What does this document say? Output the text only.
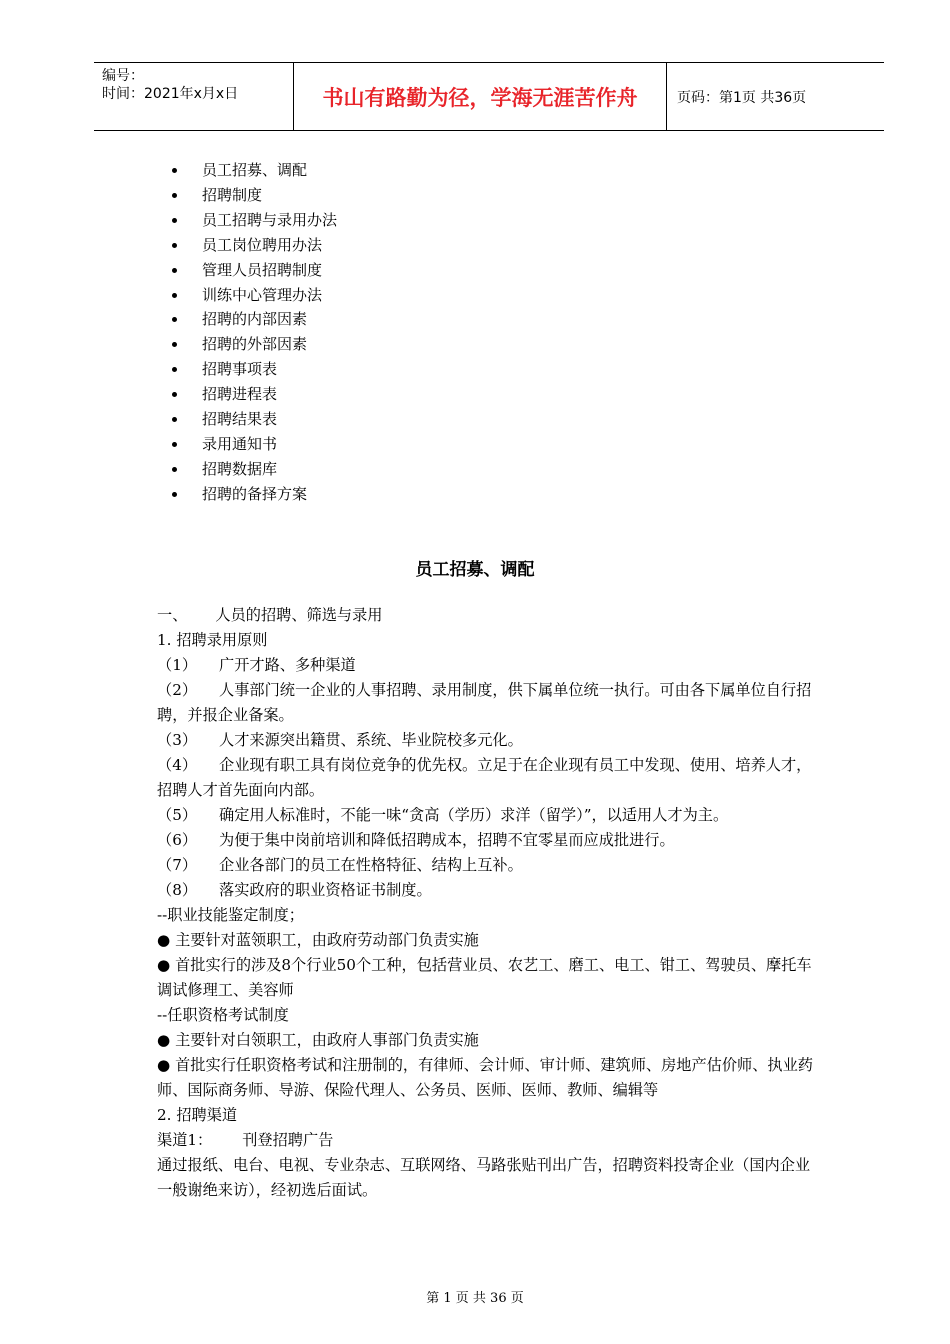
编号：
时间：2021年x月x日	书山有路勤为径，学海无涯苦作舟	页码：第1页 共36页
员工招募、调配
招聘制度
员工招聘与录用办法
员工岗位聘用办法
管理人员招聘制度
训练中心管理办法
招聘的内部因素
招聘的外部因素
招聘事项表
招聘进程表
招聘结果表
录用通知书
招聘数据库
招聘的备择方案
员工招募、调配

一、 人员的招聘、筛选与录用

1. 招聘录用原则

（1） 广开才路、多种渠道

（2） 人事部门统一企业的人事招聘、录用制度，供下属单位统一执行。可由各下属单位自行招聘，并报企业备案。

（3） 人才来源突出籍贯、系统、毕业院校多元化。

（4） 企业现有职工具有岗位竞争的优先权。立足于在企业现有员工中发现、使用、培养人才，招聘人才首先面向内部。

（5） 确定用人标准时，不能一味“贪高（学历）求洋（留学）”，以适用人才为主。

（6） 为便于集中岗前培训和降低招聘成本，招聘不宜零星而应成批进行。

（7） 企业各部门的员工在性格特征、结构上互补。

（8） 落实政府的职业资格证书制度。

--职业技能鉴定制度；

● 主要针对蓝领职工，由政府劳动部门负责实施

● 首批实行的涉及8个行业50个工种，包括营业员、农艺工、磨工、电工、钳工、驾驶员、摩托车调试修理工、美容师

--任职资格考试制度

● 主要针对白领职工，由政府人事部门负责实施

● 首批实行任职资格考试和注册制的，有律师、会计师、审计师、建筑师、房地产估价师、执业药师、国际商务师、导游、保险代理人、公务员、医师、医师、教师、编辑等

2. 招聘渠道

渠道1： 刊登招聘广告

通过报纸、电台、电视、专业杂志、互联网络、马路张贴刊出广告，招聘资料投寄企业（国内企业一般谢绝来访），经初选后面试。

第 1 页 共 36 页
